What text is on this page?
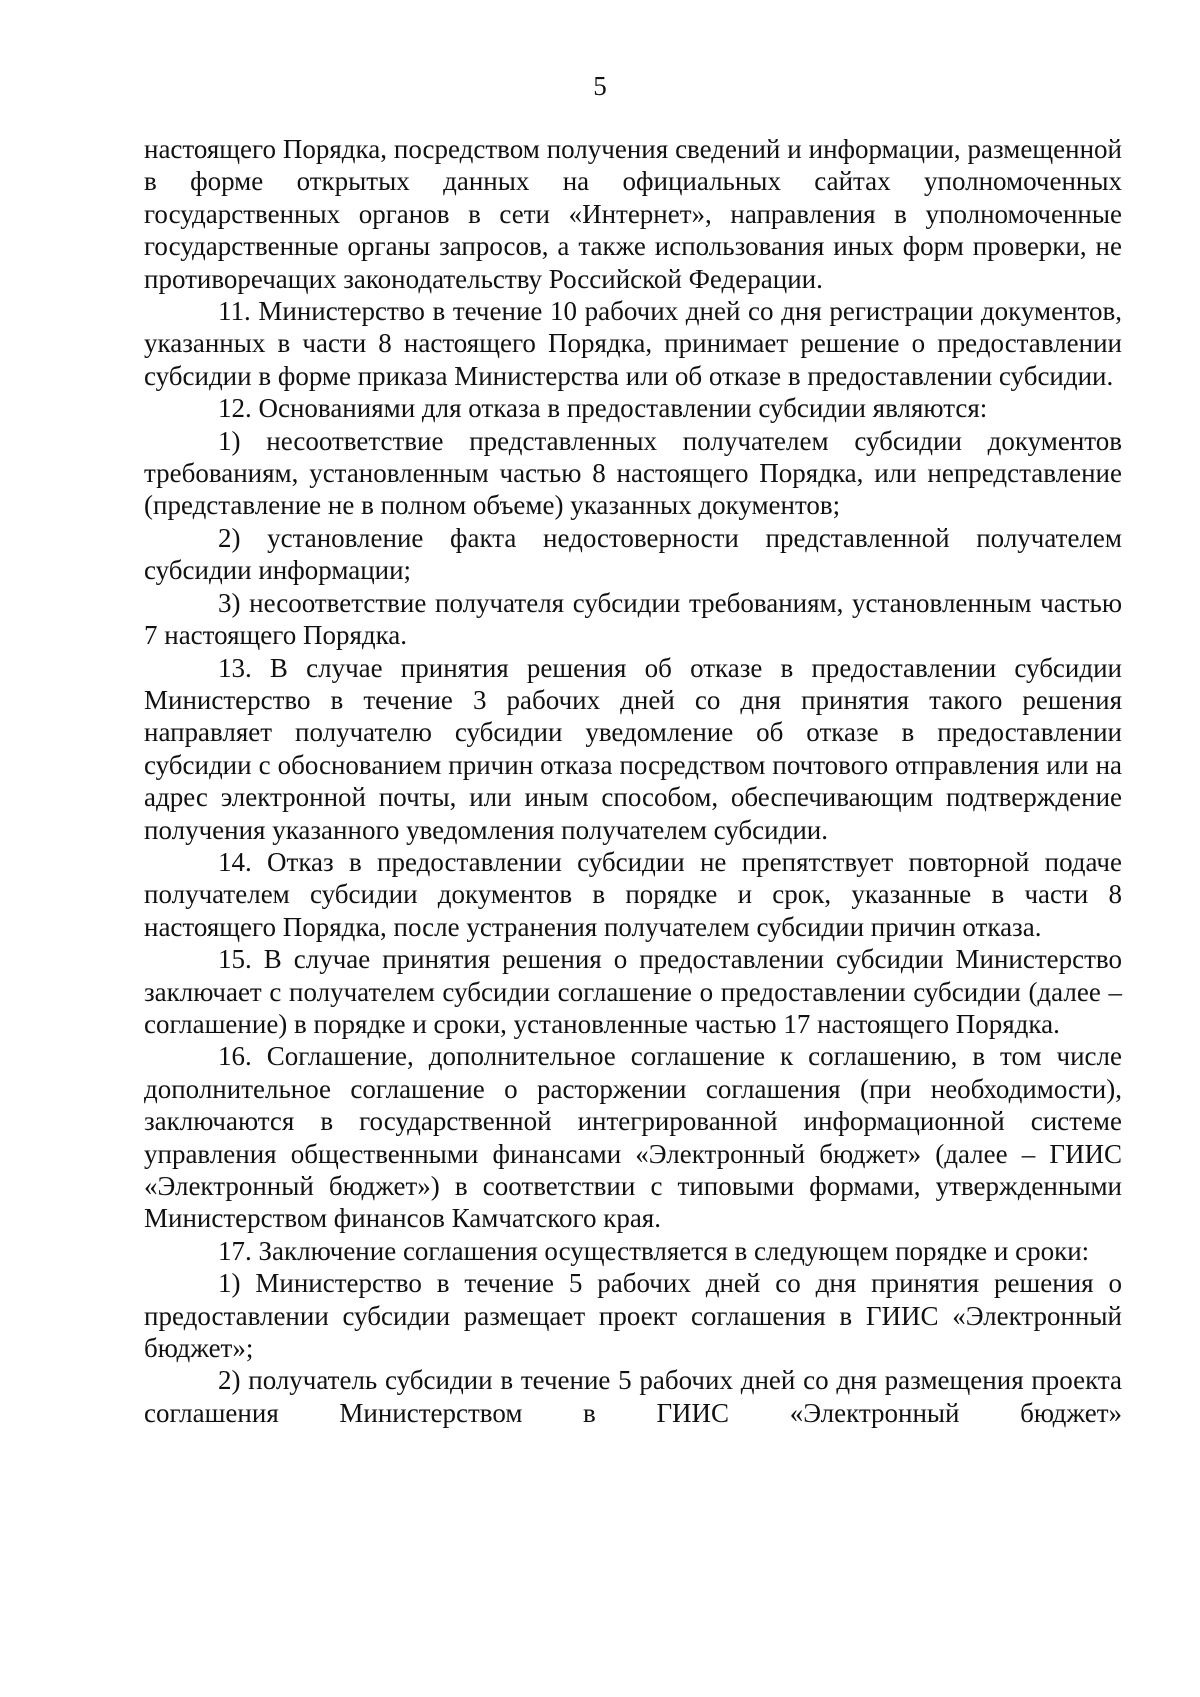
5

настоящего Порядка, посредством получения сведений и информации, размещенной в форме открытых данных на официальных сайтах уполномоченных государственных органов в сети «Интернет», направления в уполномоченные государственные органы запросов, а также использования иных форм проверки, не противоречащих законодательству Российской Федерации.

11. Министерство в течение 10 рабочих дней со дня регистрации документов, указанных в части 8 настоящего Порядка, принимает решение о предоставлении субсидии в форме приказа Министерства или об отказе в предоставлении субсидии.

12. Основаниями для отказа в предоставлении субсидии являются:

1) несоответствие представленных получателем субсидии документов требованиям, установленным частью 8 настоящего Порядка, или непредставление (представление не в полном объеме) указанных документов;

2) установление факта недостоверности представленной получателем субсидии информации;

3) несоответствие получателя субсидии требованиям, установленным частью 7 настоящего Порядка.

13. В случае принятия решения об отказе в предоставлении субсидии Министерство в течение 3 рабочих дней со дня принятия такого решения направляет получателю субсидии уведомление об отказе в предоставлении субсидии с обоснованием причин отказа посредством почтового отправления или на адрес электронной почты, или иным способом, обеспечивающим подтверждение получения указанного уведомления получателем субсидии.

14. Отказ в предоставлении субсидии не препятствует повторной подаче получателем субсидии документов в порядке и срок, указанные в части 8 настоящего Порядка, после устранения получателем субсидии причин отказа.

15. В случае принятия решения о предоставлении субсидии Министерство заключает с получателем субсидии соглашение о предоставлении субсидии (далее – соглашение) в порядке и сроки, установленные частью 17 настоящего Порядка.

16. Соглашение, дополнительное соглашение к соглашению, в том числе дополнительное соглашение о расторжении соглашения (при необходимости), заключаются в государственной интегрированной информационной системе управления общественными финансами «Электронный бюджет» (далее – ГИИС «Электронный бюджет») в соответствии с типовыми формами, утвержденными Министерством финансов Камчатского края.

17. Заключение соглашения осуществляется в следующем порядке и сроки:

1) Министерство в течение 5 рабочих дней со дня принятия решения о предоставлении субсидии размещает проект соглашения в ГИИС «Электронный бюджет»;

2) получатель субсидии в течение 5 рабочих дней со дня размещения проекта соглашения Министерством в ГИИС «Электронный бюджет»
